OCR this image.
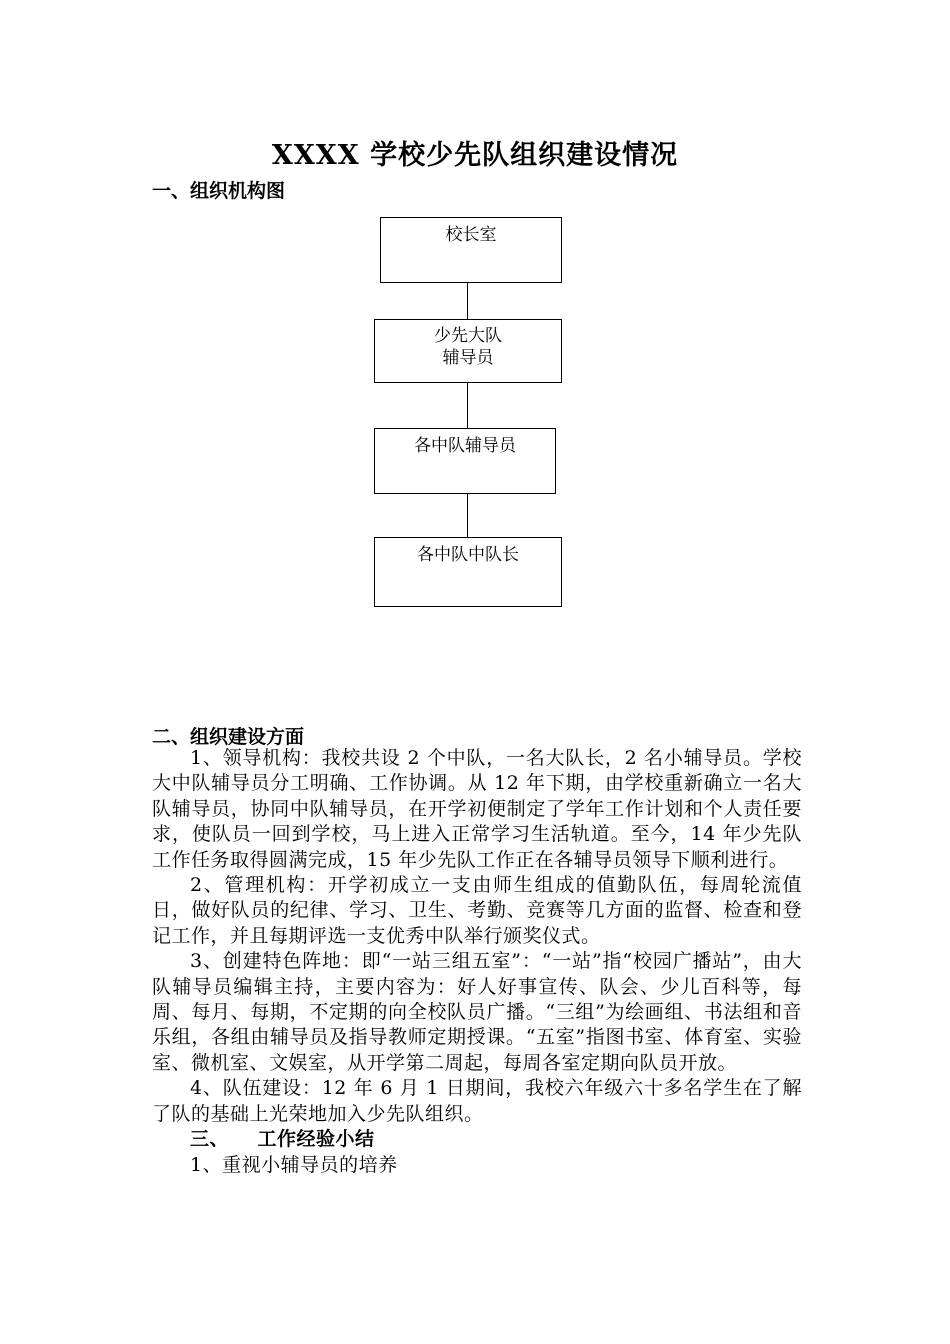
XXXX 学校少先队组织建设情况
一、组织机构图
校长室
少先大队
辅导员
各中队辅导员
各中队中队长
二、组织建设方面

1、领导机构：我校共设 2 个中队，一名大队长，2 名小辅导员。学校大中队辅导员分工明确、工作协调。从 12 年下期，由学校重新确立一名大队辅导员，协同中队辅导员，在开学初便制定了学年工作计划和个人责任要求，使队员一回到学校，马上进入正常学习生活轨道。至今，14 年少先队工作任务取得圆满完成，15 年少先队工作正在各辅导员领导下顺利进行。

2、管理机构：开学初成立一支由师生组成的值勤队伍，每周轮流值日，做好队员的纪律、学习、卫生、考勤、竞赛等几方面的监督、检查和登记工作，并且每期评选一支优秀中队举行颁奖仪式。

3、创建特色阵地：即“一站三组五室”：“一站”指“校园广播站”，由大队辅导员编辑主持，主要内容为：好人好事宣传、队会、少儿百科等，每周、每月、每期，不定期的向全校队员广播。“三组”为绘画组、书法组和音乐组，各组由辅导员及指导教师定期授课。“五室”指图书室、体育室、实验室、微机室、文娱室，从开学第二周起，每周各室定期向队员开放。

4、队伍建设：12 年 6 月 1 日期间，我校六年级六十多名学生在了解了队的基础上光荣地加入少先队组织。

三、    工作经验小结

1、重视小辅导员的培养
